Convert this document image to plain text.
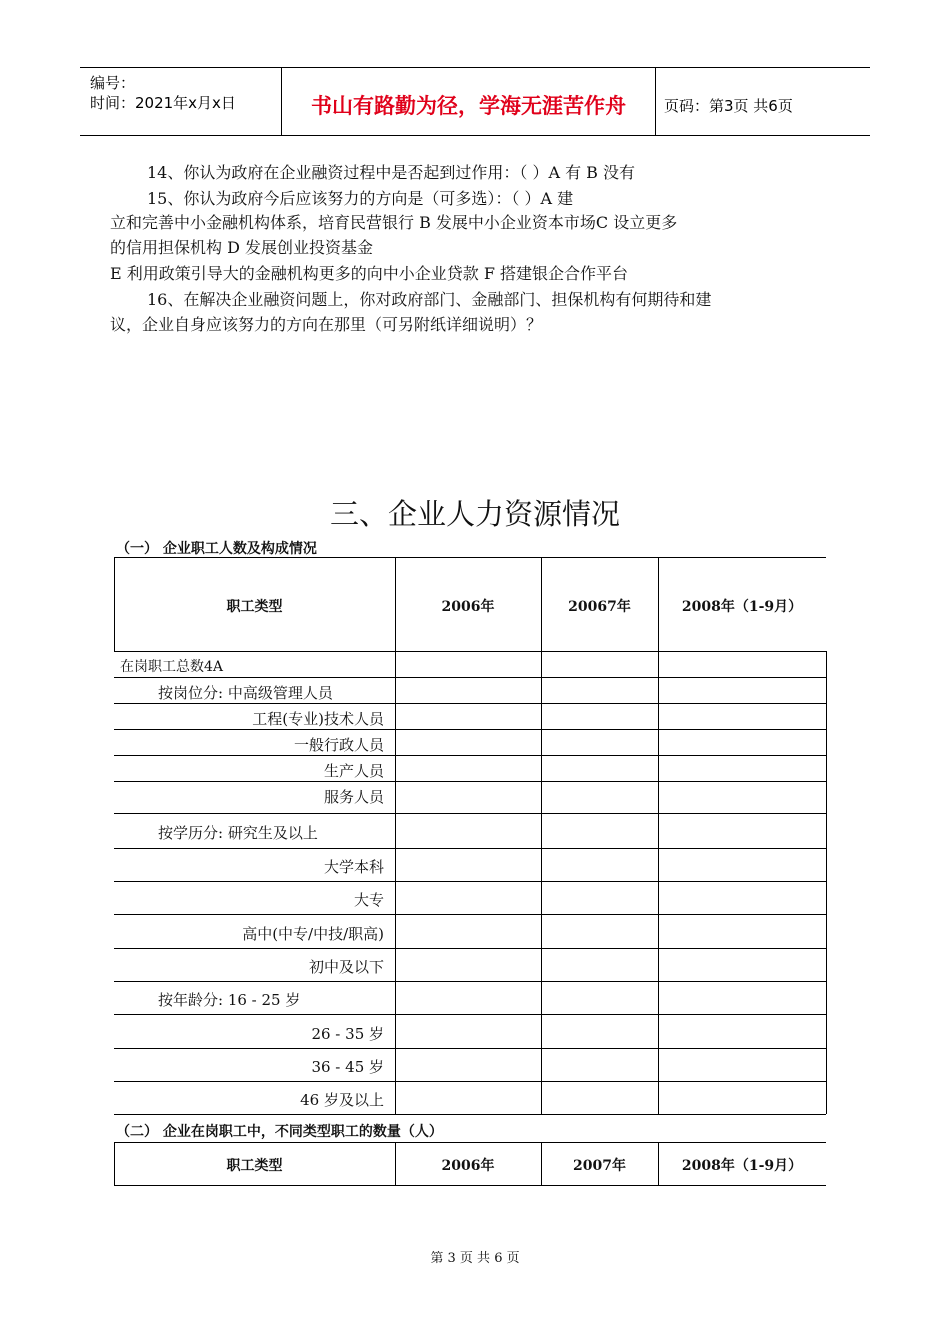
编号：
时间：2021年x月x日	书山有路勤为径，学海无涯苦作舟	页码：第3页 共6页
14、你认为政府在企业融资过程中是否起到过作用：（ ）A 有 B 没有
15、你认为政府今后应该努力的方向是（可多选）：（ ）A 建
立和完善中小金融机构体系，培育民营银行 B 发展中小企业资本市场C 设立更多
的信用担保机构 D 发展创业投资基金
E 利用政策引导大的金融机构更多的向中小企业贷款 F 搭建银企合作平台
16、在解决企业融资问题上，你对政府部门、金融部门、担保机构有何期待和建
议，企业自身应该努力的方向在那里（可另附纸详细说明）？
三、企业人力资源情况
（一） 企业职工人数及构成情况
职工类型	2006年	20067年	2008年（1-9月）
在岗职工总数4A
按岗位分: 中高级管理人员
工程(专业)技术人员
一般行政人员
生产人员
服务人员
按学历分: 研究生及以上
大学本科
大专
高中(中专/中技/职高)
初中及以下
按年龄分: 16 - 25 岁
26 - 35 岁
36 - 45 岁
46 岁及以上
（二） 企业在岗职工中，不同类型职工的数量（人）
职工类型	2006年	2007年	2008年（1-9月）
第 3 页 共 6 页
